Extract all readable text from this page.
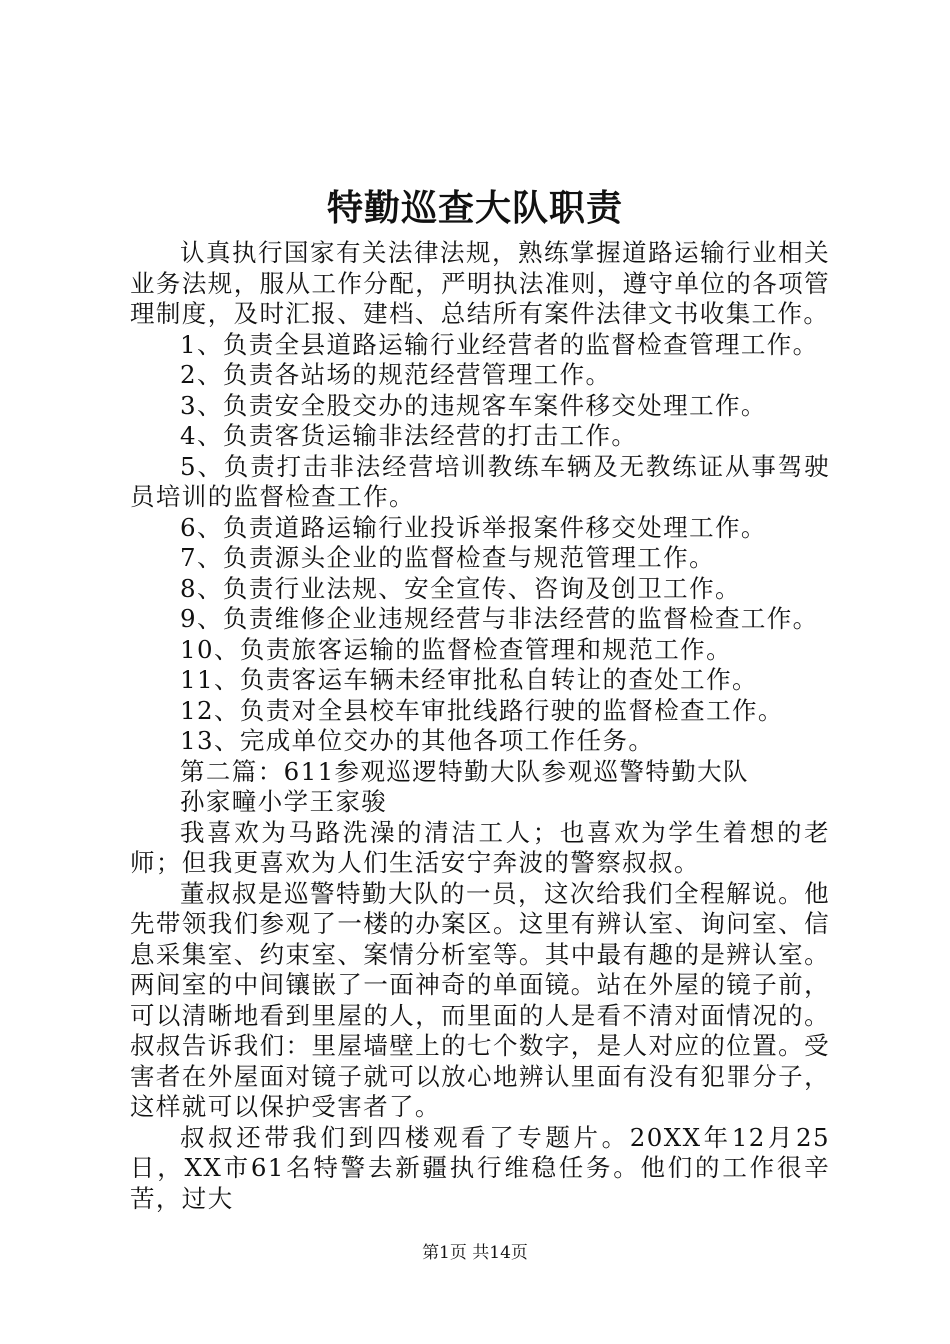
特勤巡查大队职责

认真执行国家有关法律法规，熟练掌握道路运输行业相关业务法规，服从工作分配，严明执法准则，遵守单位的各项管理制度，及时汇报、建档、总结所有案件法律文书收集工作。

1、负责全县道路运输行业经营者的监督检查管理工作。

2、负责各站场的规范经营管理工作。

3、负责安全股交办的违规客车案件移交处理工作。

4、负责客货运输非法经营的打击工作。

5、负责打击非法经营培训教练车辆及无教练证从事驾驶员培训的监督检查工作。

6、负责道路运输行业投诉举报案件移交处理工作。

7、负责源头企业的监督检查与规范管理工作。

8、负责行业法规、安全宣传、咨询及创卫工作。

9、负责维修企业违规经营与非法经营的监督检查工作。

10、负责旅客运输的监督检查管理和规范工作。

11、负责客运车辆未经审批私自转让的查处工作。

12、负责对全县校车审批线路行驶的监督检查工作。

13、完成单位交办的其他各项工作任务。

第二篇：611参观巡逻特勤大队参观巡警特勤大队

孙家疃小学王家骏

我喜欢为马路洗澡的清洁工人；也喜欢为学生着想的老师；但我更喜欢为人们生活安宁奔波的警察叔叔。

董叔叔是巡警特勤大队的一员，这次给我们全程解说。他先带领我们参观了一楼的办案区。这里有辨认室、询问室、信息采集室、约束室、案情分析室等。其中最有趣的是辨认室。两间室的中间镶嵌了一面神奇的单面镜。站在外屋的镜子前，可以清晰地看到里屋的人，而里面的人是看不清对面情况的。叔叔告诉我们：里屋墙壁上的七个数字，是人对应的位置。受害者在外屋面对镜子就可以放心地辨认里面有没有犯罪分子，这样就可以保护受害者了。

叔叔还带我们到四楼观看了专题片。20XX年12月25日，XX市61名特警去新疆执行维稳任务。他们的工作很辛苦，过大

第1页 共14页
